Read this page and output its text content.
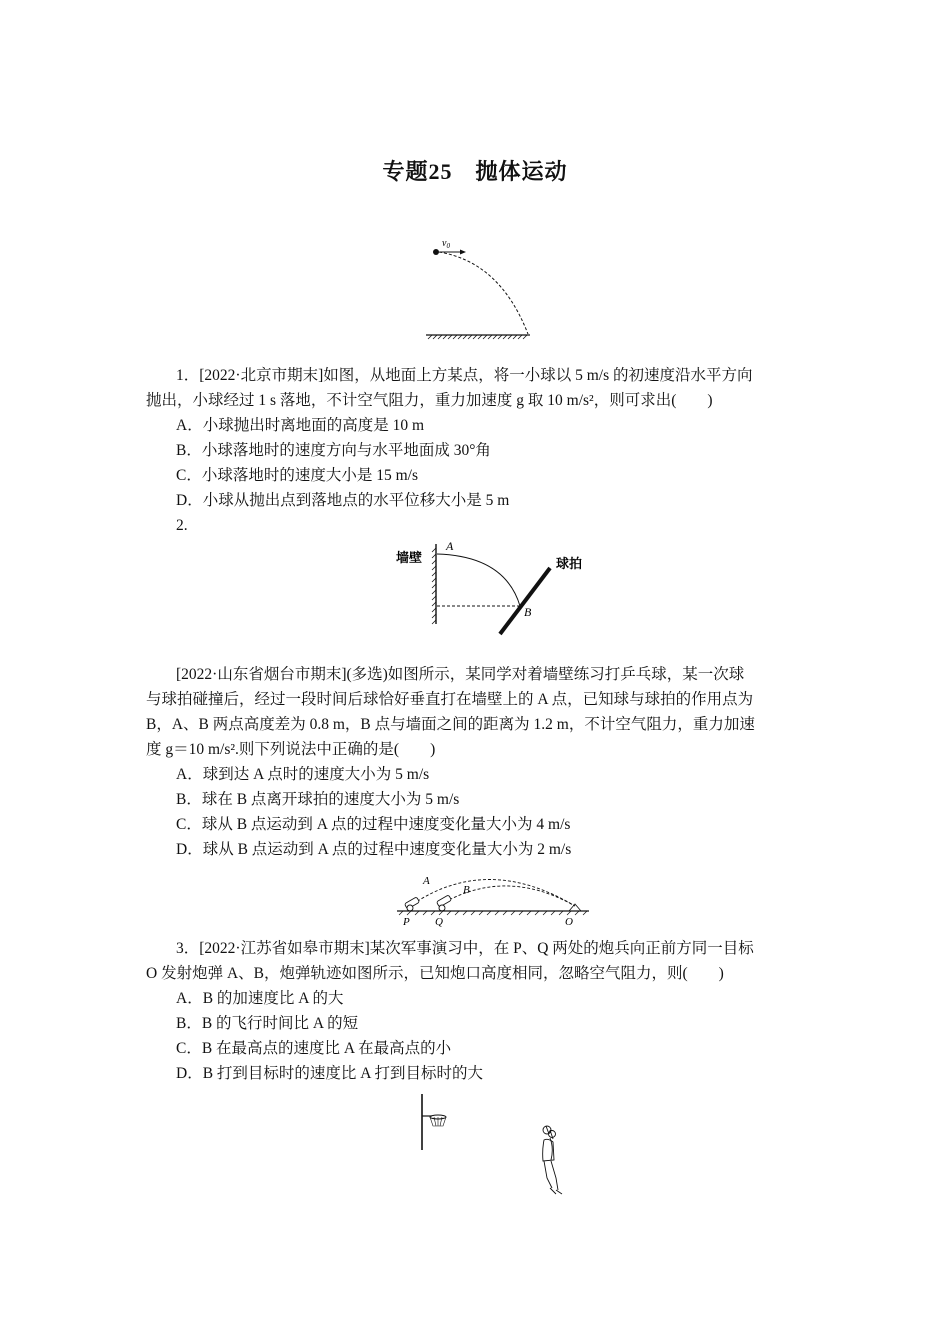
专题25　抛体运动
$v_0$
1．[2022·北京市期末]如图，从地面上方某点，将一小球以 5 m/s 的初速度沿水平方向
抛出，小球经过 1 s 落地，不计空气阻力，重力加速度 g 取 10 m/s²，则可求出(　　)
A．小球抛出时离地面的高度是 10 m
B．小球落地时的速度方向与水平地面成 30°角
C．小球落地时的速度大小是 15 m/s
D．小球从抛出点到落地点的水平位移大小是 5 m
2.
墙壁
A
B
球拍
[2022·山东省烟台市期末](多选)如图所示，某同学对着墙壁练习打乒乓球，某一次球
与球拍碰撞后，经过一段时间后球恰好垂直打在墙壁上的 A 点，已知球与球拍的作用点为
B，A、B 两点高度差为 0.8 m，B 点与墙面之间的距离为 1.2 m，不计空气阻力，重力加速
度 g＝10 m/s².则下列说法中正确的是(　　)
A．球到达 A 点时的速度大小为 5 m/s
B．球在 B 点离开球拍的速度大小为 5 m/s
C．球从 B 点运动到 A 点的过程中速度变化量大小为 4 m/s
D．球从 B 点运动到 A 点的过程中速度变化量大小为 2 m/s
A
B
P Q	O
3．[2022·江苏省如皋市期末]某次军事演习中，在 P、Q 两处的炮兵向正前方同一目标
O 发射炮弹 A、B，炮弹轨迹如图所示，已知炮口高度相同，忽略空气阻力，则(　　)
A．B 的加速度比 A 的大
B．B 的飞行时间比 A 的短
C．B 在最高点的速度比 A 在最高点的小
D．B 打到目标时的速度比 A 打到目标时的大
